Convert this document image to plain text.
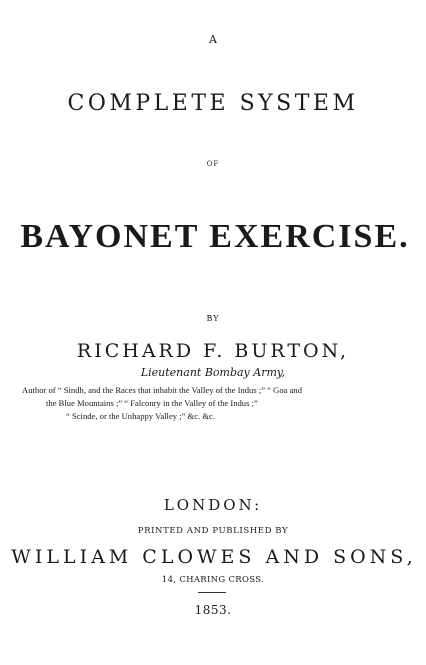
A
COMPLETE SYSTEM
OF
BAYONET EXERCISE.
BY
RICHARD F. BURTON,
Lieutenant Bombay Army,
Author of “ Sindh, and the Races that inhabit the Valley of the Indus ;” “ Goa and
the Blue Mountains ;” “ Falconry in the Valley of the Indus ;”
“ Scinde, or the Unhappy Valley ;” &c. &c.
LONDON:
PRINTED AND PUBLISHED BY
WILLIAM CLOWES AND SONS,
14, CHARING CROSS.
1853.
